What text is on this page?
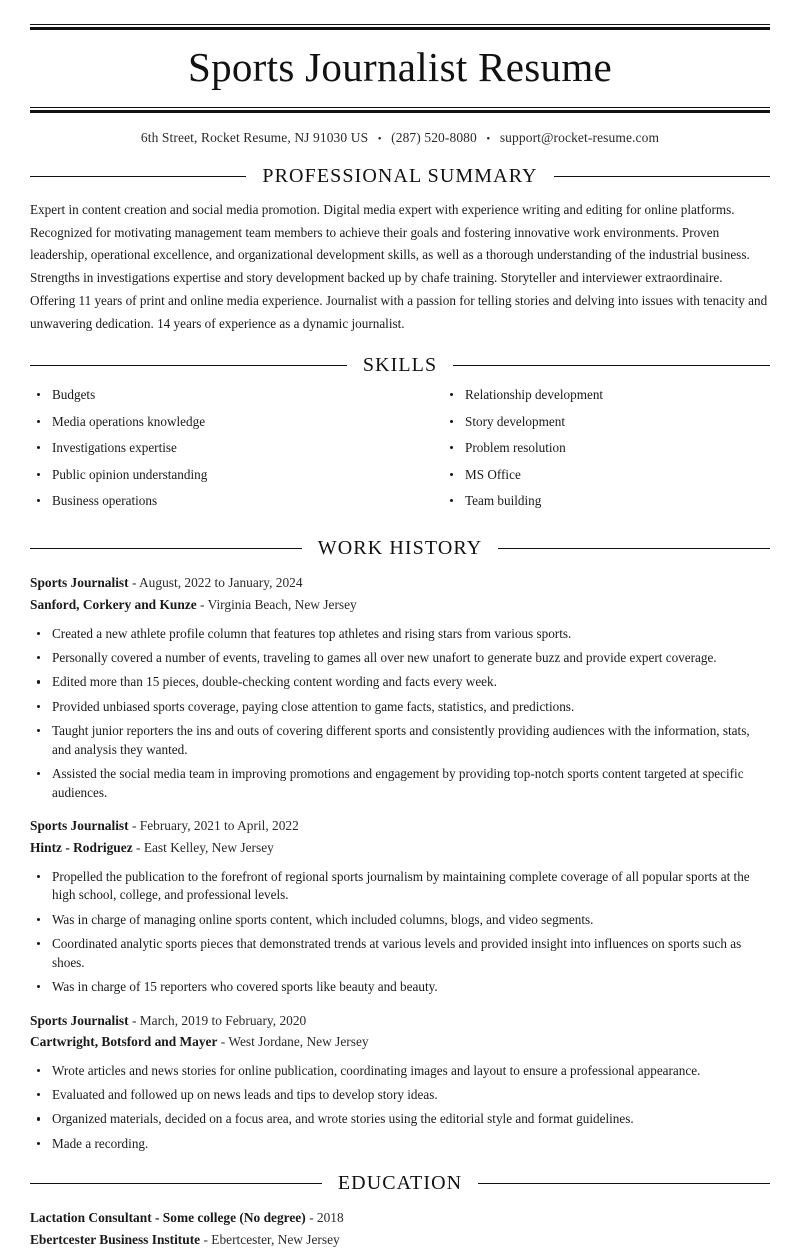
Sports Journalist Resume
6th Street, Rocket Resume, NJ 91030 US • (287) 520-8080 • support@rocket-resume.com
PROFESSIONAL SUMMARY

Expert in content creation and social media promotion. Digital media expert with experience writing and editing for online platforms. Recognized for motivating management team members to achieve their goals and fostering innovative work environments. Proven leadership, operational excellence, and organizational development skills, as well as a thorough understanding of the industrial business. Strengths in investigations expertise and story development backed up by chafe training. Storyteller and interviewer extraordinaire. Offering 11 years of print and online media experience. Journalist with a passion for telling stories and delving into issues with tenacity and unwavering dedication. 14 years of experience as a dynamic journalist.

SKILLS
Budgets
Media operations knowledge
Investigations expertise
Public opinion understanding
Business operations
Relationship development
Story development
Problem resolution
MS Office
Team building
WORK HISTORY
Sports Journalist - August, 2022 to January, 2024
Sanford, Corkery and Kunze - Virginia Beach, New Jersey
Created a new athlete profile column that features top athletes and rising stars from various sports.
Personally covered a number of events, traveling to games all over new unafort to generate buzz and provide expert coverage.
Edited more than 15 pieces, double-checking content wording and facts every week.
Provided unbiased sports coverage, paying close attention to game facts, statistics, and predictions.
Taught junior reporters the ins and outs of covering different sports and consistently providing audiences with the information, stats, and analysis they wanted.
Assisted the social media team in improving promotions and engagement by providing top-notch sports content targeted at specific audiences.
Sports Journalist - February, 2021 to April, 2022
Hintz - Rodriguez - East Kelley, New Jersey
Propelled the publication to the forefront of regional sports journalism by maintaining complete coverage of all popular sports at the high school, college, and professional levels.
Was in charge of managing online sports content, which included columns, blogs, and video segments.
Coordinated analytic sports pieces that demonstrated trends at various levels and provided insight into influences on sports such as shoes.
Was in charge of 15 reporters who covered sports like beauty and beauty.
Sports Journalist - March, 2019 to February, 2020
Cartwright, Botsford and Mayer - West Jordane, New Jersey
Wrote articles and news stories for online publication, coordinating images and layout to ensure a professional appearance.
Evaluated and followed up on news leads and tips to develop story ideas.
Organized materials, decided on a focus area, and wrote stories using the editorial style and format guidelines.
Made a recording.
EDUCATION
Lactation Consultant - Some college (No degree) - 2018
Ebertcester Business Institute - Ebertcester, New Jersey
